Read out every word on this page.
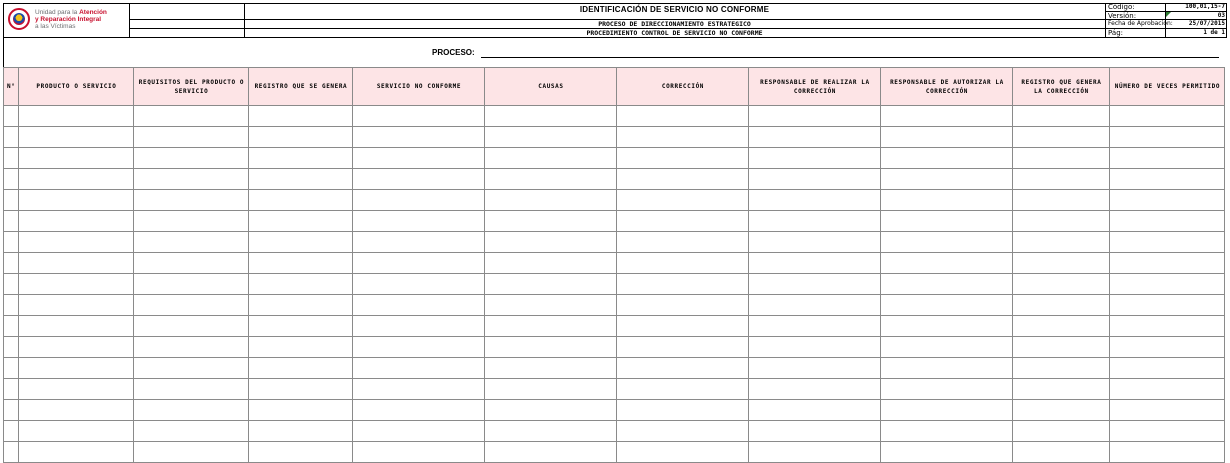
Unidad para la Atención
y Reparación Integral
a las Víctimas
IDENTIFICACIÓN DE SERVICIO NO CONFORME
PROCESO DE DIRECCIONAMIENTO ESTRATEGICO
PROCEDIMIENTO CONTROL DE SERVICIO NO CONFORME
Código:	100,01,15-7
Versión:	03
Fecha de Aprobación:	25/07/2015
Pág:	1 de 1
PROCESO:
N°	PRODUCTO O SERVICIO	REQUISITOS DEL PRODUCTO O SERVICIO	REGISTRO QUE SE GENERA	SERVICIO NO CONFORME	CAUSAS	CORRECCIÓN	RESPONSABLE DE REALIZAR LA CORRECCIÓN	RESPONSABLE DE AUTORIZAR LA CORRECCIÓN	REGISTRO QUE GENERA LA CORRECCIÓN	NÚMERO DE VECES PERMITIDO
